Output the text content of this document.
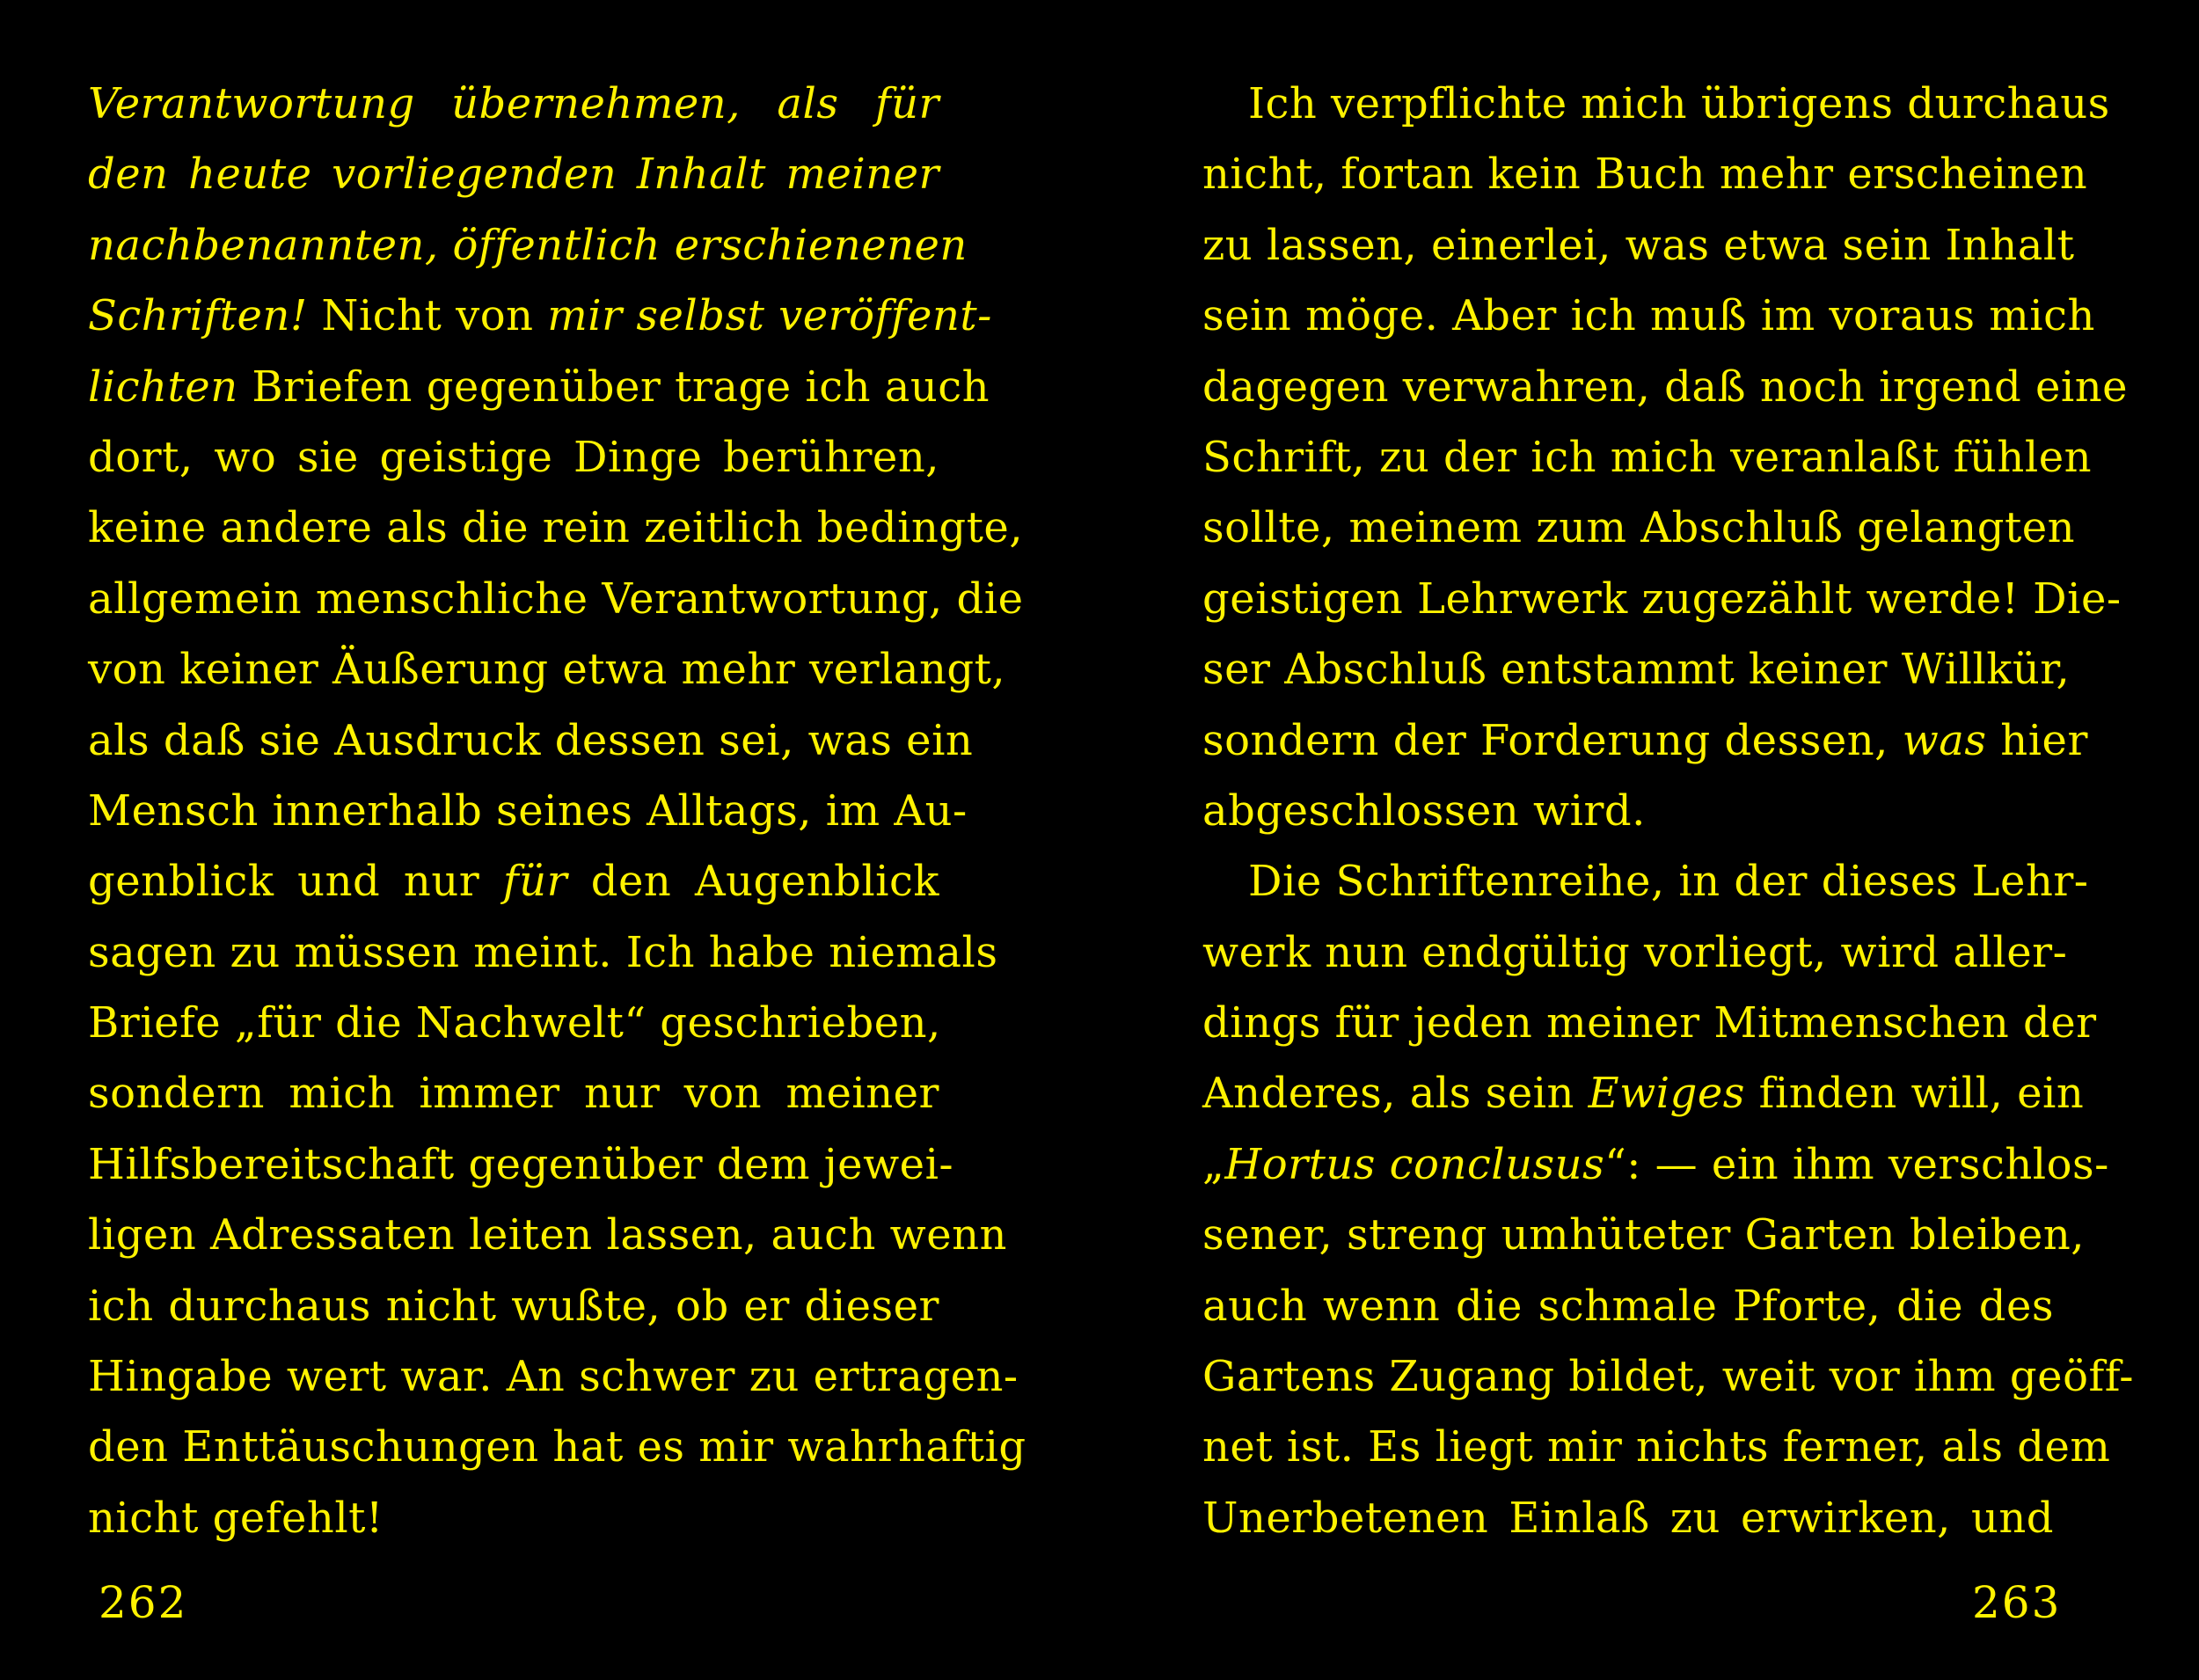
Verantwortung übernehmen, als für
den heute vorliegenden Inhalt meiner
nachbenannten, öffentlich erschienenen
Schriften! Nicht von mir selbst veröffent-
lichten Briefen gegenüber trage ich auch
dort, wo sie geistige Dinge berühren,
keine andere als die rein zeitlich bedingte,
allgemein menschliche Verantwortung, die
von keiner Äußerung etwa mehr verlangt,
als daß sie Ausdruck dessen sei, was ein
Mensch innerhalb seines Alltags, im Au-
genblick und nur für den Augenblick
sagen zu müssen meint. Ich habe niemals
Briefe „für die Nachwelt“ geschrieben,
sondern mich immer nur von meiner
Hilfsbereitschaft gegenüber dem jewei-
ligen Adressaten leiten lassen, auch wenn
ich durchaus nicht wußte, ob er dieser
Hingabe wert war. An schwer zu ertragen-
den Enttäuschungen hat es mir wahrhaftig
nicht gefehlt!
Ich verpflichte mich übrigens durchaus
nicht, fortan kein Buch mehr erscheinen
zu lassen, einerlei, was etwa sein Inhalt
sein möge. Aber ich muß im voraus mich
dagegen verwahren, daß noch irgend eine
Schrift, zu der ich mich veranlaßt fühlen
sollte, meinem zum Abschluß gelangten
geistigen Lehrwerk zugezählt werde! Die-
ser Abschluß entstammt keiner Willkür,
sondern der Forderung dessen, was hier
abgeschlossen wird.
Die Schriftenreihe, in der dieses Lehr-
werk nun endgültig vorliegt, wird aller-
dings für jeden meiner Mitmenschen der
Anderes, als sein Ewiges finden will, ein
„Hortus conclusus“: — ein ihm verschlos-
sener, streng umhüteter Garten bleiben,
auch wenn die schmale Pforte, die des
Gartens Zugang bildet, weit vor ihm geöff-
net ist. Es liegt mir nichts ferner, als dem
Unerbetenen Einlaß zu erwirken, und
262	263
